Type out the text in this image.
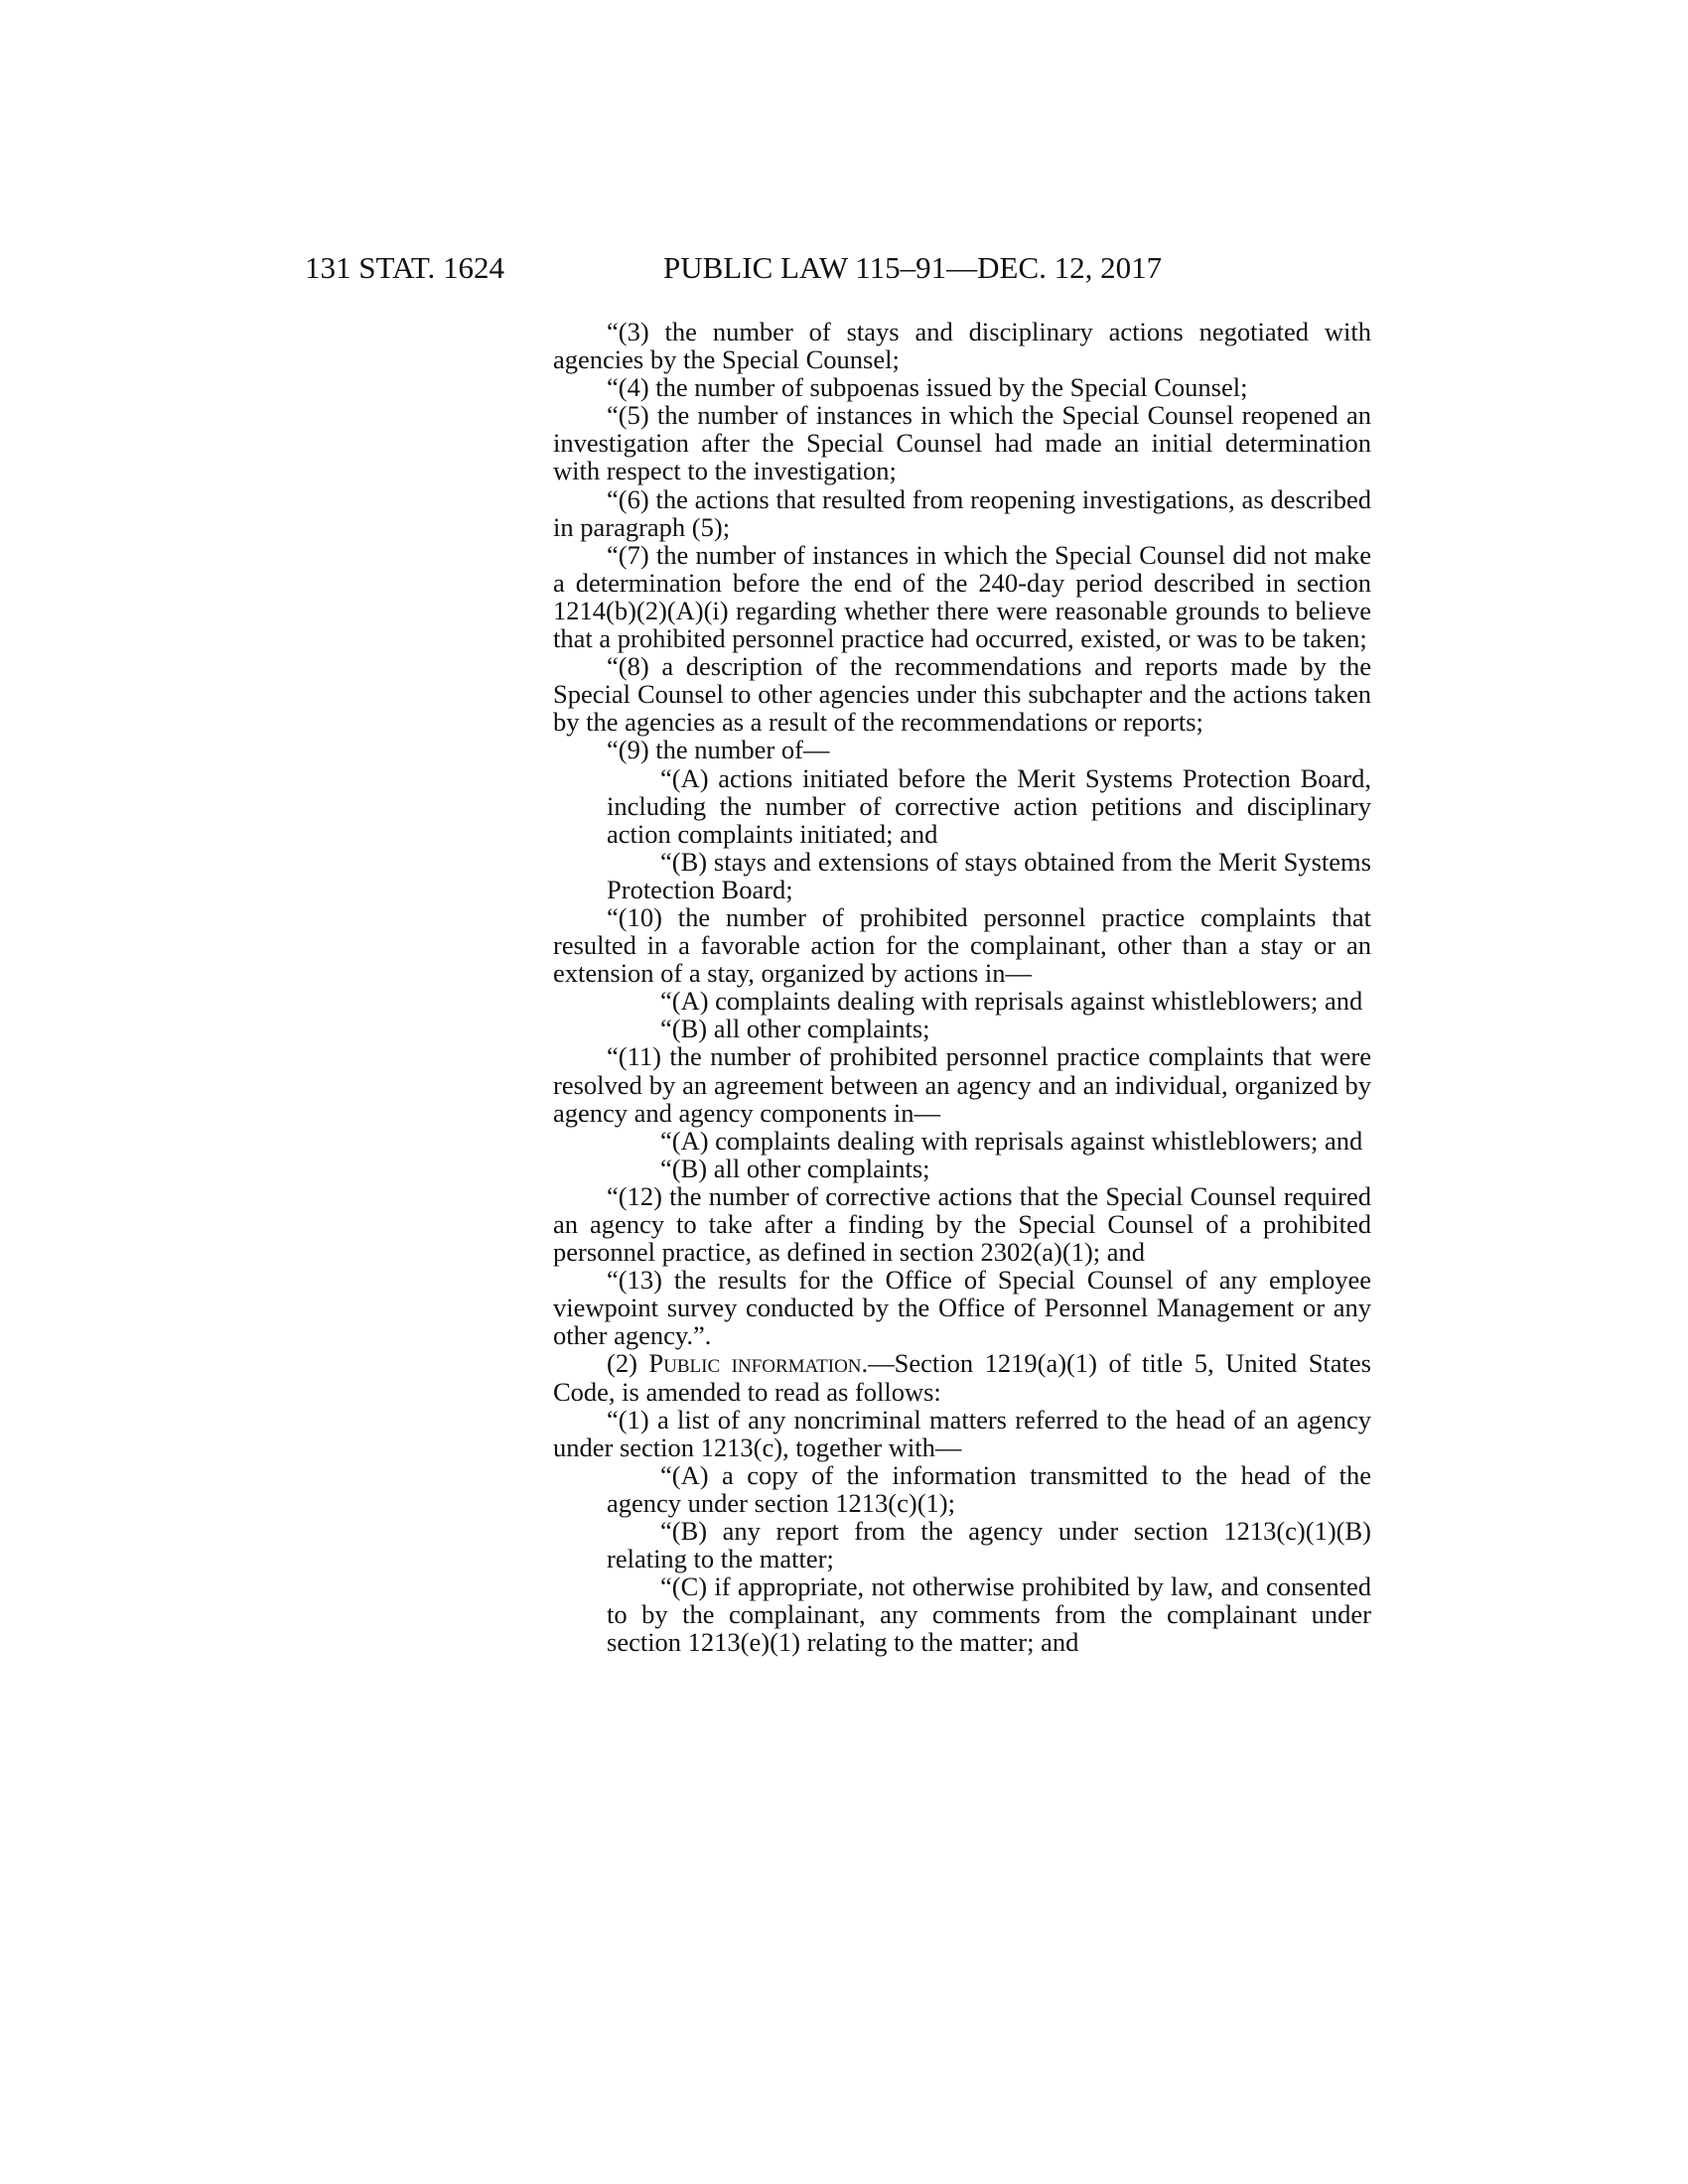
131 STAT. 1624	PUBLIC LAW 115–91—DEC. 12, 2017

“(3) the number of stays and disciplinary actions negotiated with agencies by the Special Counsel;

“(4) the number of subpoenas issued by the Special Counsel;

“(5) the number of instances in which the Special Counsel reopened an investigation after the Special Counsel had made an initial determination with respect to the investigation;

“(6) the actions that resulted from reopening investigations, as described in paragraph (5);

“(7) the number of instances in which the Special Counsel did not make a determination before the end of the 240-day period described in section 1214(b)(2)(A)(i) regarding whether there were reasonable grounds to believe that a prohibited personnel practice had occurred, existed, or was to be taken;

“(8) a description of the recommendations and reports made by the Special Counsel to other agencies under this subchapter and the actions taken by the agencies as a result of the recommendations or reports;

“(9) the number of—

“(A) actions initiated before the Merit Systems Protection Board, including the number of corrective action petitions and disciplinary action complaints initiated; and

“(B) stays and extensions of stays obtained from the Merit Systems Protection Board;

“(10) the number of prohibited personnel practice complaints that resulted in a favorable action for the complainant, other than a stay or an extension of a stay, organized by actions in—

“(A) complaints dealing with reprisals against whistleblowers; and

“(B) all other complaints;

“(11) the number of prohibited personnel practice complaints that were resolved by an agreement between an agency and an individual, organized by agency and agency components in—

“(A) complaints dealing with reprisals against whistleblowers; and

“(B) all other complaints;

“(12) the number of corrective actions that the Special Counsel required an agency to take after a finding by the Special Counsel of a prohibited personnel practice, as defined in section 2302(a)(1); and

“(13) the results for the Office of Special Counsel of any employee viewpoint survey conducted by the Office of Personnel Management or any other agency.”.

(2) Public information.—Section 1219(a)(1) of title 5, United States Code, is amended to read as follows:

“(1) a list of any noncriminal matters referred to the head of an agency under section 1213(c), together with—

“(A) a copy of the information transmitted to the head of the agency under section 1213(c)(1);

“(B) any report from the agency under section 1213(c)(1)(B) relating to the matter;

“(C) if appropriate, not otherwise prohibited by law, and consented to by the complainant, any comments from the complainant under section 1213(e)(1) relating to the matter; and
